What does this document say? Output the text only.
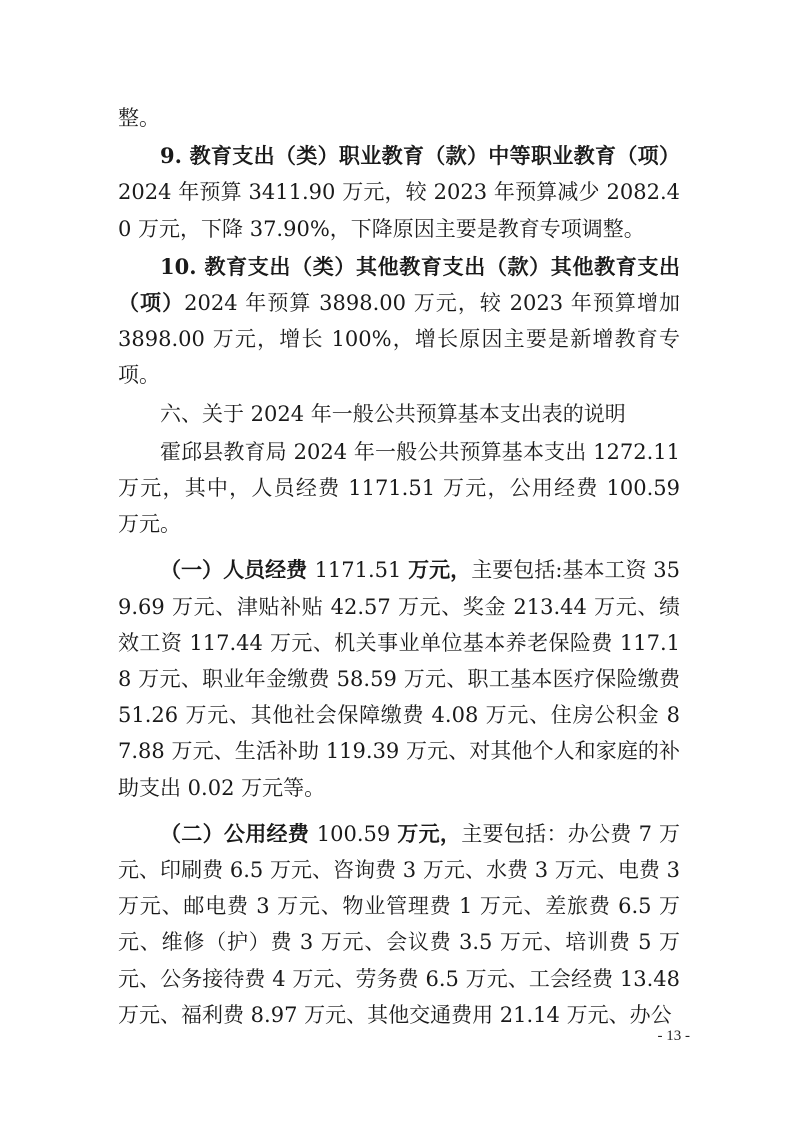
整。

9. 教育支出（类）职业教育（款）中等职业教育（项）2024 年预算 3411.90 万元，较 2023 年预算减少 2082.40 万元，下降 37.90%，下降原因主要是教育专项调整。

10. 教育支出（类）其他教育支出（款）其他教育支出（项）2024 年预算 3898.00 万元，较 2023 年预算增加 3898.00 万元，增长 100%，增长原因主要是新增教育专项。

六、关于 2024 年一般公共预算基本支出表的说明

霍邱县教育局 2024 年一般公共预算基本支出 1272.11 万元，其中，人员经费 1171.51 万元，公用经费 100.59 万元。

（一）人员经费 1171.51 万元，主要包括:基本工资 359.69 万元、津贴补贴 42.57 万元、奖金 213.44 万元、绩效工资 117.44 万元、机关事业单位基本养老保险费 117.18 万元、职业年金缴费 58.59 万元、职工基本医疗保险缴费 51.26 万元、其他社会保障缴费 4.08 万元、住房公积金 87.88 万元、生活补助 119.39 万元、对其他个人和家庭的补助支出 0.02 万元等。

（二）公用经费 100.59 万元，主要包括：办公费 7 万元、印刷费 6.5 万元、咨询费 3 万元、水费 3 万元、电费 3 万元、邮电费 3 万元、物业管理费 1 万元、差旅费 6.5 万元、维修（护）费 3 万元、会议费 3.5 万元、培训费 5 万元、公务接待费 4 万元、劳务费 6.5 万元、工会经费 13.48 万元、福利费 8.97 万元、其他交通费用 21.14 万元、办公

- 13 -
